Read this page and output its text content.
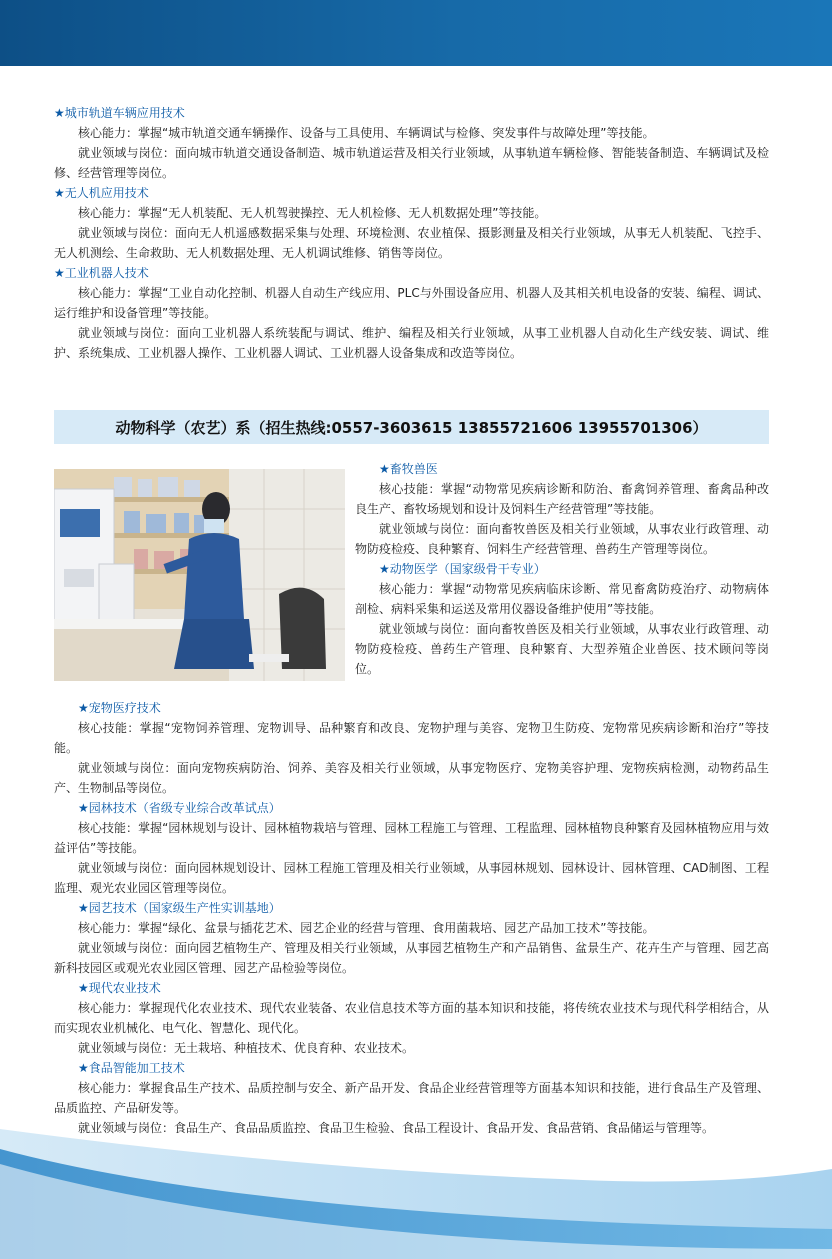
★城市轨道车辆应用技术

核心能力：掌握“城市轨道交通车辆操作、设备与工具使用、车辆调试与检修、突发事件与故障处理”等技能。

就业领域与岗位：面向城市轨道交通设备制造、城市轨道运营及相关行业领域，从事轨道车辆检修、智能装备制造、车辆调试及检修、经营管理等岗位。

★无人机应用技术

核心能力：掌握“无人机装配、无人机驾驶操控、无人机检修、无人机数据处理”等技能。

就业领域与岗位：面向无人机遥感数据采集与处理、环境检测、农业植保、摄影测量及相关行业领域，从事无人机装配、飞控手、无人机测绘、生命救助、无人机数据处理、无人机调试维修、销售等岗位。

★工业机器人技术

核心能力：掌握“工业自动化控制、机器人自动生产线应用、PLC与外围设备应用、机器人及其相关机电设备的安装、编程、调试、运行维护和设备管理”等技能。

就业领域与岗位：面向工业机器人系统装配与调试、维护、编程及相关行业领域，从事工业机器人自动化生产线安装、调试、维护、系统集成、工业机器人操作、工业机器人调试、工业机器人设备集成和改造等岗位。

动物科学（农艺）系（招生热线:0557-3603615 13855721606 13955701306）

★畜牧兽医

核心技能：掌握“动物常见疾病诊断和防治、畜禽饲养管理、畜禽品种改良生产、畜牧场规划和设计及饲料生产经营管理”等技能。

就业领域与岗位：面向畜牧兽医及相关行业领域，从事农业行政管理、动物防疫检疫、良种繁育、饲料生产经营管理、兽药生产管理等岗位。

★动物医学（国家级骨干专业）

核心能力：掌握“动物常见疾病临床诊断、常见畜禽防疫治疗、动物病体剖检、病料采集和运送及常用仪器设备维护使用”等技能。

就业领域与岗位：面向畜牧兽医及相关行业领域，从事农业行政管理、动物防疫检疫、兽药生产管理、良种繁育、大型养殖企业兽医、技术顾问等岗位。

★宠物医疗技术

核心技能：掌握“宠物饲养管理、宠物训导、品种繁育和改良、宠物护理与美容、宠物卫生防疫、宠物常见疾病诊断和治疗”等技能。

就业领域与岗位：面向宠物疾病防治、饲养、美容及相关行业领域，从事宠物医疗、宠物美容护理、宠物疾病检测，动物药品生产、生物制品等岗位。

★园林技术（省级专业综合改革试点）

核心技能：掌握“园林规划与设计、园林植物栽培与管理、园林工程施工与管理、工程监理、园林植物良种繁育及园林植物应用与效益评估”等技能。

就业领域与岗位：面向园林规划设计、园林工程施工管理及相关行业领域，从事园林规划、园林设计、园林管理、CAD制图、工程监理、观光农业园区管理等岗位。

★园艺技术（国家级生产性实训基地）

核心能力：掌握“绿化、盆景与插花艺术、园艺企业的经营与管理、食用菌栽培、园艺产品加工技术”等技能。

就业领域与岗位：面向园艺植物生产、管理及相关行业领域，从事园艺植物生产和产品销售、盆景生产、花卉生产与管理、园艺高新科技园区或观光农业园区管理、园艺产品检验等岗位。

★现代农业技术

核心能力：掌握现代化农业技术、现代农业装备、农业信息技术等方面的基本知识和技能，将传统农业技术与现代科学相结合，从而实现农业机械化、电气化、智慧化、现代化。

就业领域与岗位：无土栽培、种植技术、优良育种、农业技术。

★食品智能加工技术

核心能力：掌握食品生产技术、品质控制与安全、新产品开发、食品企业经营管理等方面基本知识和技能，进行食品生产及管理、品质监控、产品研发等。

就业领域与岗位：食品生产、食品品质监控、食品卫生检验、食品工程设计、食品开发、食品营销、食品储运与管理等。
